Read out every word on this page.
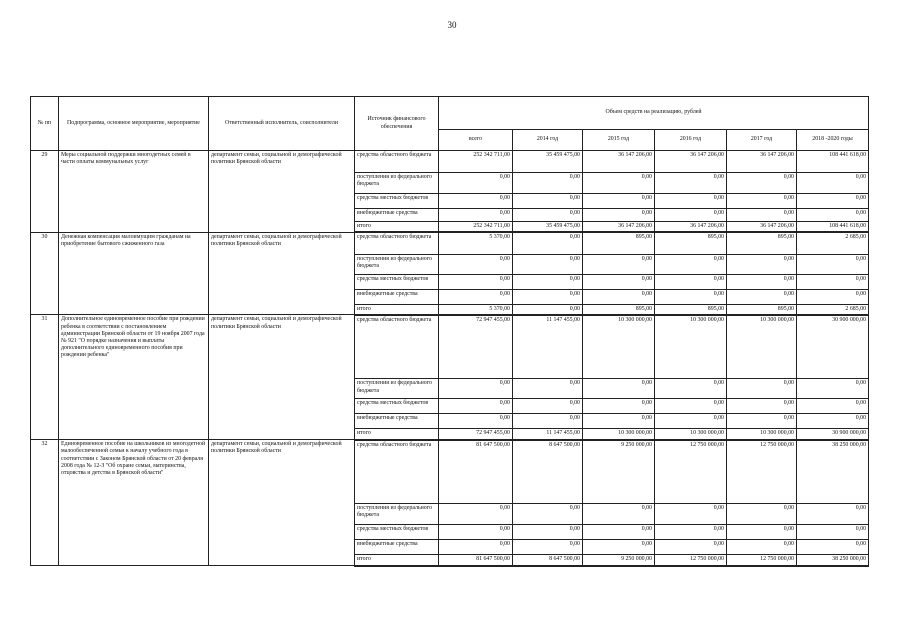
30
№ пп	Подпрограмма, основное мероприятие, мероприятие	Ответственный исполнитель, соисполнители	Источник финансового обеспечения	Объем средств на реализацию, рублей					
				всего	2014 год	2015 год	2016 год	2017 год	2018 -2020 годы
29	Меры социальной поддержки многодетных семей в части оплаты коммунальных услуг	департамент семьи, социальной и демографической политики Брянской области	средства областного бюджета	252 342 711,00	35 459 475,00	36 147 206,00	36 147 206,00	36 147 206,00	108 441 618,00
			поступления из федерального бюджета	0,00	0,00	0,00	0,00	0,00	0,00
			средства местных бюджетов	0,00	0,00	0,00	0,00	0,00	0,00
			внебюджетные средства	0,00	0,00	0,00	0,00	0,00	0,00
			итого	252 342 711,00	35 459 475,00	36 147 206,00	36 147 206,00	36 147 206,00	108 441 618,00
30	Денежная компенсация малоимущим гражданам на приобретение бытового сжиженного газа	департамент семьи, социальной и демографической политики Брянской области	средства областного бюджета	5 370,00	0,00	895,00	895,00	895,00	2 685,00
			поступления из федерального бюджета	0,00	0,00	0,00	0,00	0,00	0,00
			средства местных бюджетов	0,00	0,00	0,00	0,00	0,00	0,00
			внебюджетные средства	0,00	0,00	0,00	0,00	0,00	0,00
			итого	5 370,00	0,00	895,00	895,00	895,00	2 685,00
31	Дополнительное единовременное пособие при рождении ребенка в соответствии с постановлением администрации Брянской области от 19 ноября 2007 года № 921 "О порядке назначения и выплаты дополнительного единовременного пособия при рождении ребенка"	департамент семьи, социальной и демографической политики Брянской области	средства областного бюджета	72 947 455,00	11 147 455,00	10 300 000,00	10 300 000,00	10 300 000,00	30 900 000,00
			поступления из федерального бюджета	0,00	0,00	0,00	0,00	0,00	0,00
			средства местных бюджетов	0,00	0,00	0,00	0,00	0,00	0,00
			внебюджетные средства	0,00	0,00	0,00	0,00	0,00	0,00
			итого	72 947 455,00	11 147 455,00	10 300 000,00	10 300 000,00	10 300 000,00	30 900 000,00
32	Единовременное пособие на школьников из многодетной малообеспеченной семьи к началу учебного года в соответствии с Законом Брянской области от 20 февраля 2008 года № 12-З "Об охране семьи, материнства, отцовства и детства в Брянской области"	департамент семьи, социальной и демографической политики Брянской области	средства областного бюджета	81 647 500,00	8 647 500,00	9 250 000,00	12 750 000,00	12 750 000,00	38 250 000,00
			поступления из федерального бюджета	0,00	0,00	0,00	0,00	0,00	0,00
			средства местных бюджетов	0,00	0,00	0,00	0,00	0,00	0,00
			внебюджетные средства	0,00	0,00	0,00	0,00	0,00	0,00
			итого	81 647 500,00	8 647 500,00	9 250 000,00	12 750 000,00	12 750 000,00	38 250 000,00
